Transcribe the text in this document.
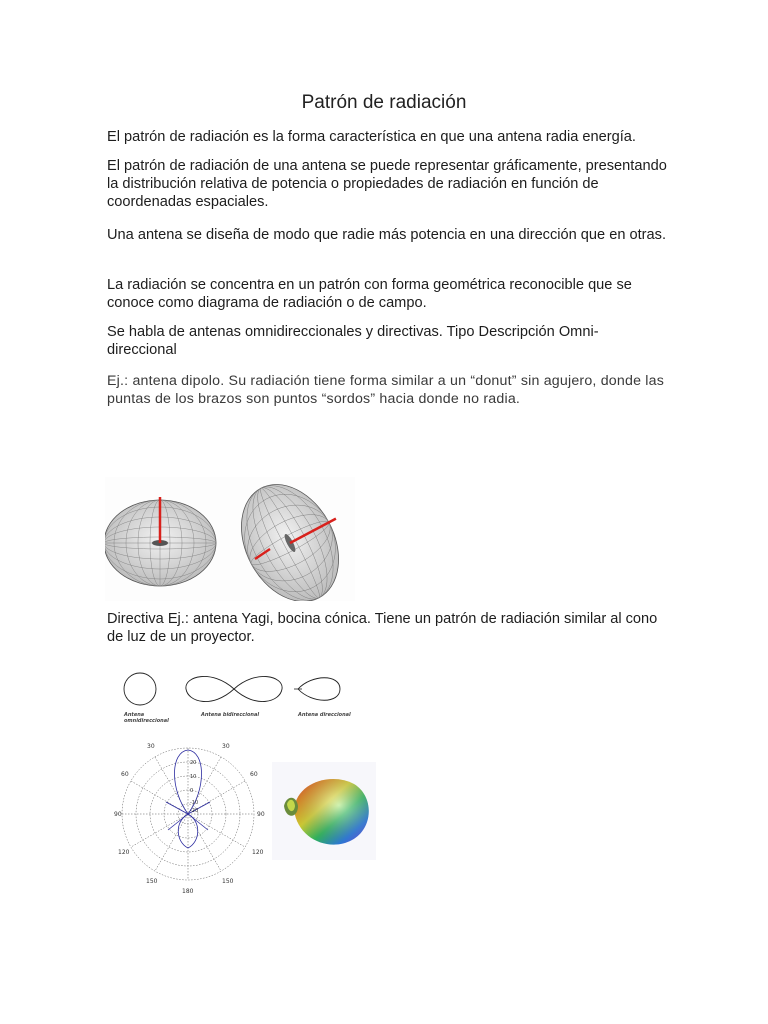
Patrón de radiación

El patrón de radiación es la forma característica en que una antena radia energía.

El patrón de radiación de una antena se puede representar gráficamente, presentando la distribución relativa de potencia o propiedades de radiación en función de coordenadas espaciales.

Una antena se diseña de modo que radie más potencia en una dirección que en otras.

La radiación se concentra en un patrón con forma geométrica reconocible que se conoce como diagrama de radiación o de campo.

Se habla de antenas omnidireccionales y directivas. Tipo Descripción Omni-direccional

Ej.: antena dipolo. Su radiación tiene forma similar a un “donut” sin agujero, donde las puntas de los brazos son puntos “sordos” hacia donde no radia.

Directiva Ej.: antena Yagi, bocina cónica. Tiene un patrón de radiación similar al cono de luz de un proyector.

Antena omnidireccional
Antena bidireccional	Antena direccional
30	30
60	60
90	90
120	120
150	150
180
20
10
0
-10
-20
